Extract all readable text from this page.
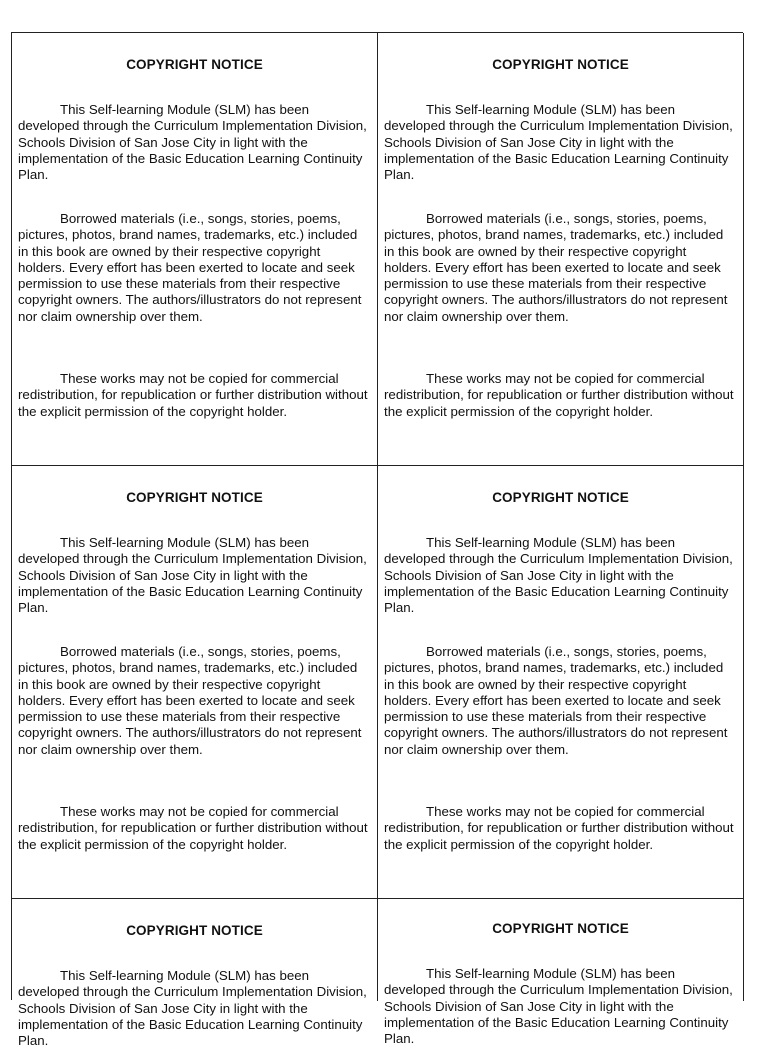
COPYRIGHT NOTICE

This Self-learning Module (SLM) has been developed through the Curriculum Implementation Division, Schools Division of San Jose City in light with the implementation of the Basic Education Learning Continuity Plan.

Borrowed materials (i.e., songs, stories, poems, pictures, photos, brand names, trademarks, etc.) included in this book are owned by their respective copyright holders. Every effort has been exerted to locate and seek permission to use these materials from their respective copyright owners. The authors/illustrators do not represent nor claim ownership over them.

These works may not be copied for commercial redistribution, for republication or further distribution without the explicit permission of the copyright holder.

COPYRIGHT NOTICE

This Self-learning Module (SLM) has been developed through the Curriculum Implementation Division, Schools Division of San Jose City in light with the implementation of the Basic Education Learning Continuity Plan.

Borrowed materials (i.e., songs, stories, poems, pictures, photos, brand names, trademarks, etc.) included in this book are owned by their respective copyright holders. Every effort has been exerted to locate and seek permission to use these materials from their respective copyright owners. The authors/illustrators do not represent nor claim ownership over them.

These works may not be copied for commercial redistribution, for republication or further distribution without the explicit permission of the copyright holder.

COPYRIGHT NOTICE

This Self-learning Module (SLM) has been developed through the Curriculum Implementation Division, Schools Division of San Jose City in light with the implementation of the Basic Education Learning Continuity Plan.

Borrowed materials (i.e., songs, stories, poems, pictures, photos, brand names, trademarks, etc.) included in this book are owned by their respective copyright holders. Every effort has been exerted to locate and seek permission to use these materials from their respective copyright owners. The authors/illustrators do not represent nor claim ownership over them.

These works may not be copied for commercial redistribution, for republication or further distribution without the explicit permission of the copyright holder.

COPYRIGHT NOTICE

This Self-learning Module (SLM) has been developed through the Curriculum Implementation Division, Schools Division of San Jose City in light with the implementation of the Basic Education Learning Continuity Plan.

Borrowed materials (i.e., songs, stories, poems, pictures, photos, brand names, trademarks, etc.) included in this book are owned by their respective copyright holders. Every effort has been exerted to locate and seek permission to use these materials from their respective copyright owners. The authors/illustrators do not represent nor claim ownership over them.

These works may not be copied for commercial redistribution, for republication or further distribution without the explicit permission of the copyright holder.

COPYRIGHT NOTICE

This Self-learning Module (SLM) has been developed through the Curriculum Implementation Division, Schools Division of San Jose City in light with the implementation of the Basic Education Learning Continuity Plan.

COPYRIGHT NOTICE

This Self-learning Module (SLM) has been developed through the Curriculum Implementation Division, Schools Division of San Jose City in light with the implementation of the Basic Education Learning Continuity Plan.
